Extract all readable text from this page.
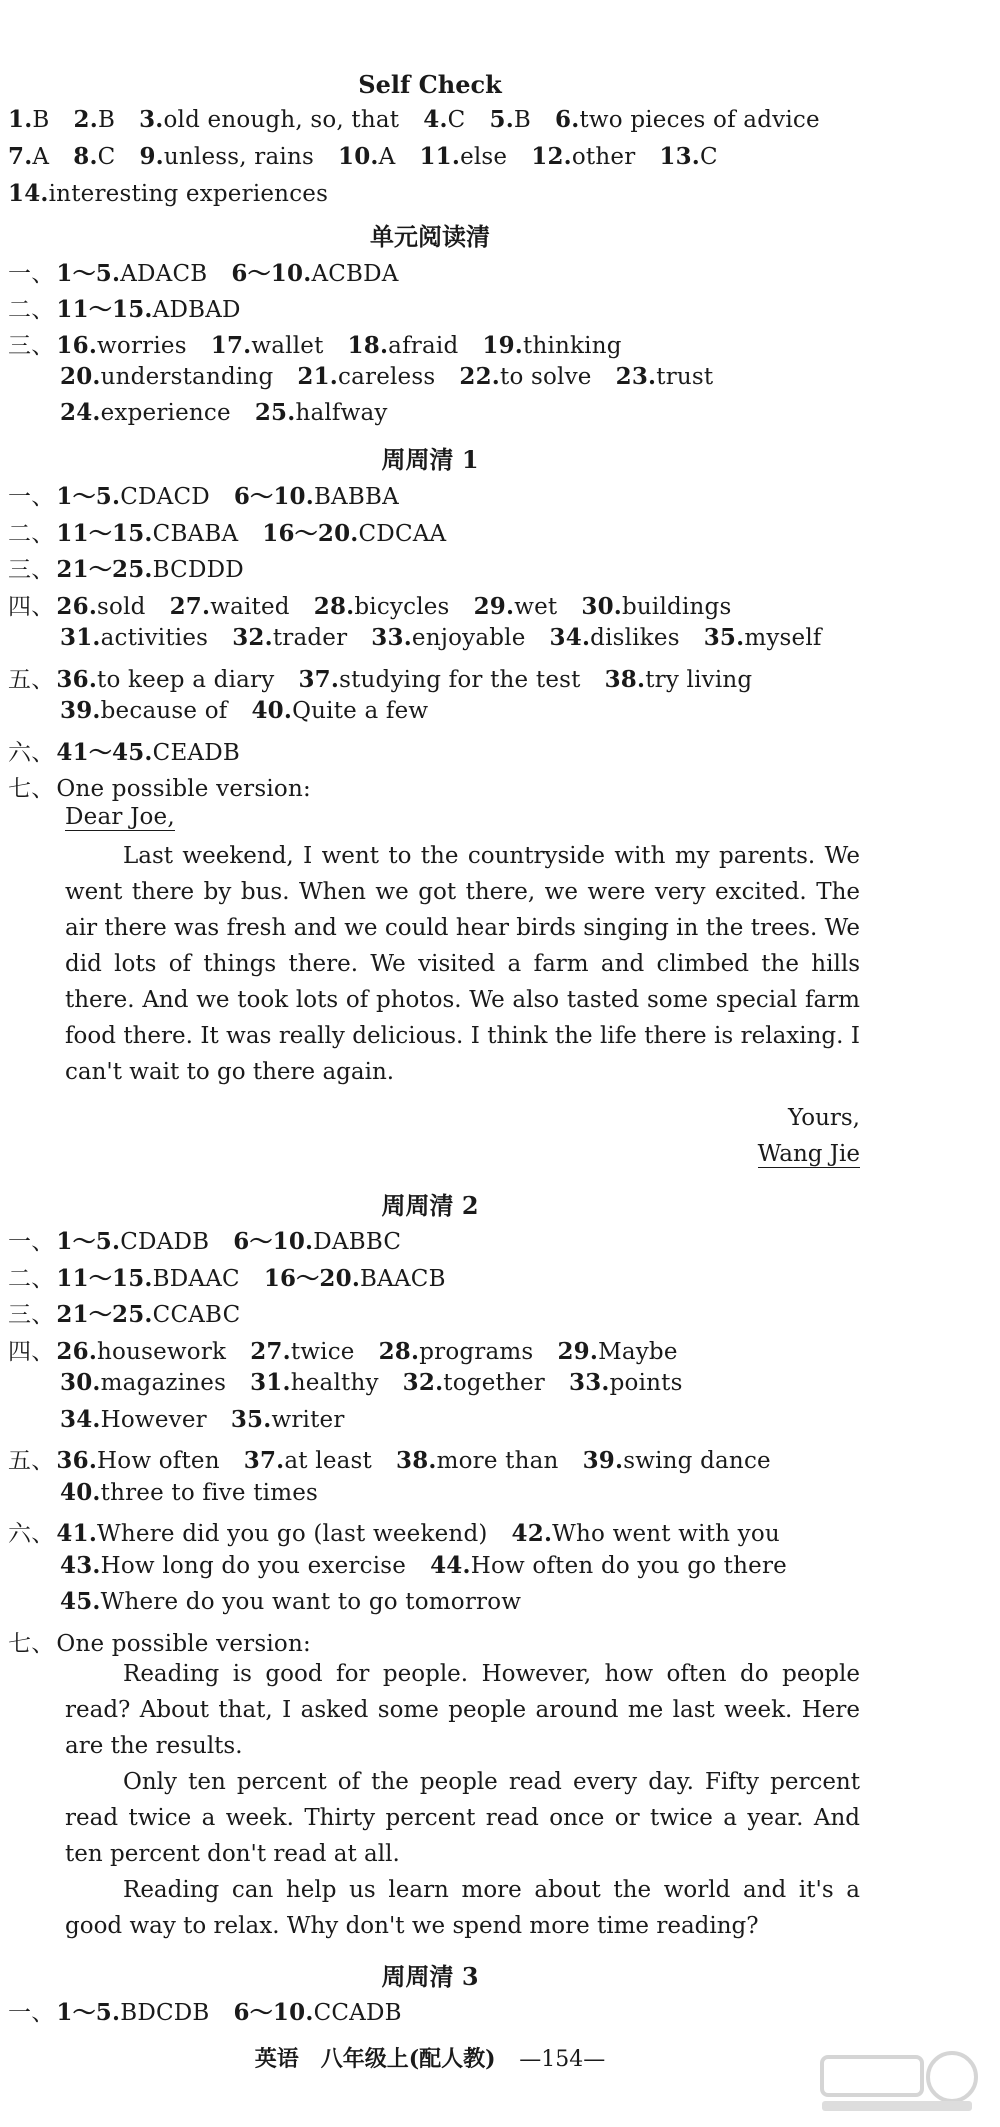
Self Check
1.B 2.B 3.old enough, so, that 4.C 5.B 6.two pieces of advice
7.A 8.C 9.unless, rains 10.A 11.else 12.other 13.C
14.interesting experiences
单元阅读清
一、1～5.ADACB 6～10.ACBDA
二、11～15.ADBAD
三、16.worries 17.wallet 18.afraid 19.thinking
20.understanding 21.careless 22.to solve 23.trust
24.experience 25.halfway
周周清 1
一、1～5.CDACD 6～10.BABBA
二、11～15.CBABA 16～20.CDCAA
三、21～25.BCDDD
四、26.sold 27.waited 28.bicycles 29.wet 30.buildings
31.activities 32.trader 33.enjoyable 34.dislikes 35.myself
五、36.to keep a diary 37.studying for the test 38.try living
39.because of 40.Quite a few
六、41～45.CEADB
七、One possible version:
Dear Joe,

Last weekend, I went to the countryside with my parents. We went there by bus. When we got there, we were very excited. The air there was fresh and we could hear birds singing in the trees. We did lots of things there. We visited a farm and climbed the hills there. And we took lots of photos. We also tasted some special farm food there. It was really delicious. I think the life there is relaxing. I can't wait to go there again.

Yours,
Wang Jie
周周清 2
一、1～5.CDADB 6～10.DABBC
二、11～15.BDAAC 16～20.BAACB
三、21～25.CCABC
四、26.housework 27.twice 28.programs 29.Maybe
30.magazines 31.healthy 32.together 33.points
34.However 35.writer
五、36.How often 37.at least 38.more than 39.swing dance
40.three to five times
六、41.Where did you go (last weekend) 42.Who went with you
43.How long do you exercise 44.How often do you go there
45.Where do you want to go tomorrow
七、One possible version:

Reading is good for people. However, how often do people read? About that, I asked some people around me last week. Here are the results.

Only ten percent of the people read every day. Fifty percent read twice a week. Thirty percent read once or twice a year. And ten percent don't read at all.

Reading can help us learn more about the world and it's a good way to relax. Why don't we spend more time reading?

周周清 3
一、1～5.BDCDB 6～10.CCADB
英语　八年级上(配人教) —154—
